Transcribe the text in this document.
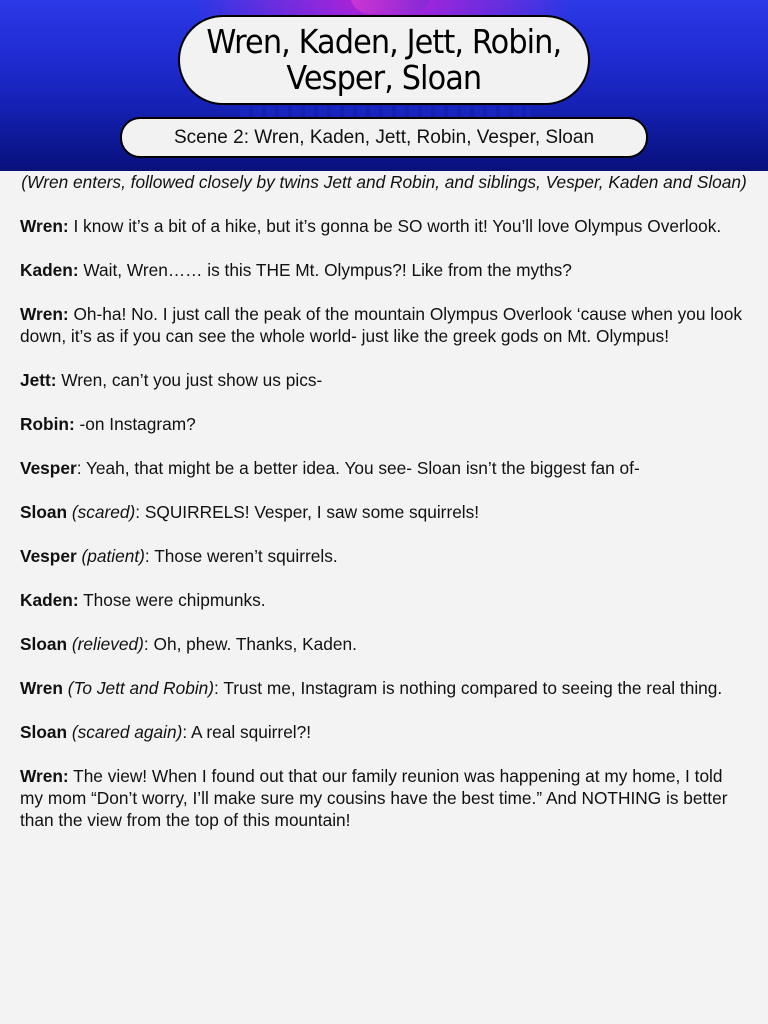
Wren, Kaden, Jett, Robin,
Vesper, Sloan
Scene 2: Wren, Kaden, Jett, Robin, Vesper, Sloan

(Wren enters, followed closely by twins Jett and Robin, and siblings, Vesper, Kaden and Sloan)

Wren: I know it’s a bit of a hike, but it’s gonna be SO worth it! You’ll love Olympus Overlook.

Kaden: Wait, Wren…… is this THE Mt. Olympus?! Like from the myths?

Wren: Oh-ha! No. I just call the peak of the mountain Olympus Overlook ‘cause when you look down, it’s as if you can see the whole world- just like the greek gods on Mt. Olympus!

Jett: Wren, can’t you just show us pics-

Robin: -on Instagram?

Vesper: Yeah, that might be a better idea. You see- Sloan isn’t the biggest fan of-

Sloan (scared): SQUIRRELS! Vesper, I saw some squirrels!

Vesper (patient): Those weren’t squirrels.

Kaden: Those were chipmunks.

Sloan (relieved): Oh, phew. Thanks, Kaden.

Wren (To Jett and Robin): Trust me, Instagram is nothing compared to seeing the real thing.

Sloan (scared again): A real squirrel?!

Wren: The view! When I found out that our family reunion was happening at my home, I told my mom “Don’t worry, I’ll make sure my cousins have the best time.” And NOTHING is better than the view from the top of this mountain!
